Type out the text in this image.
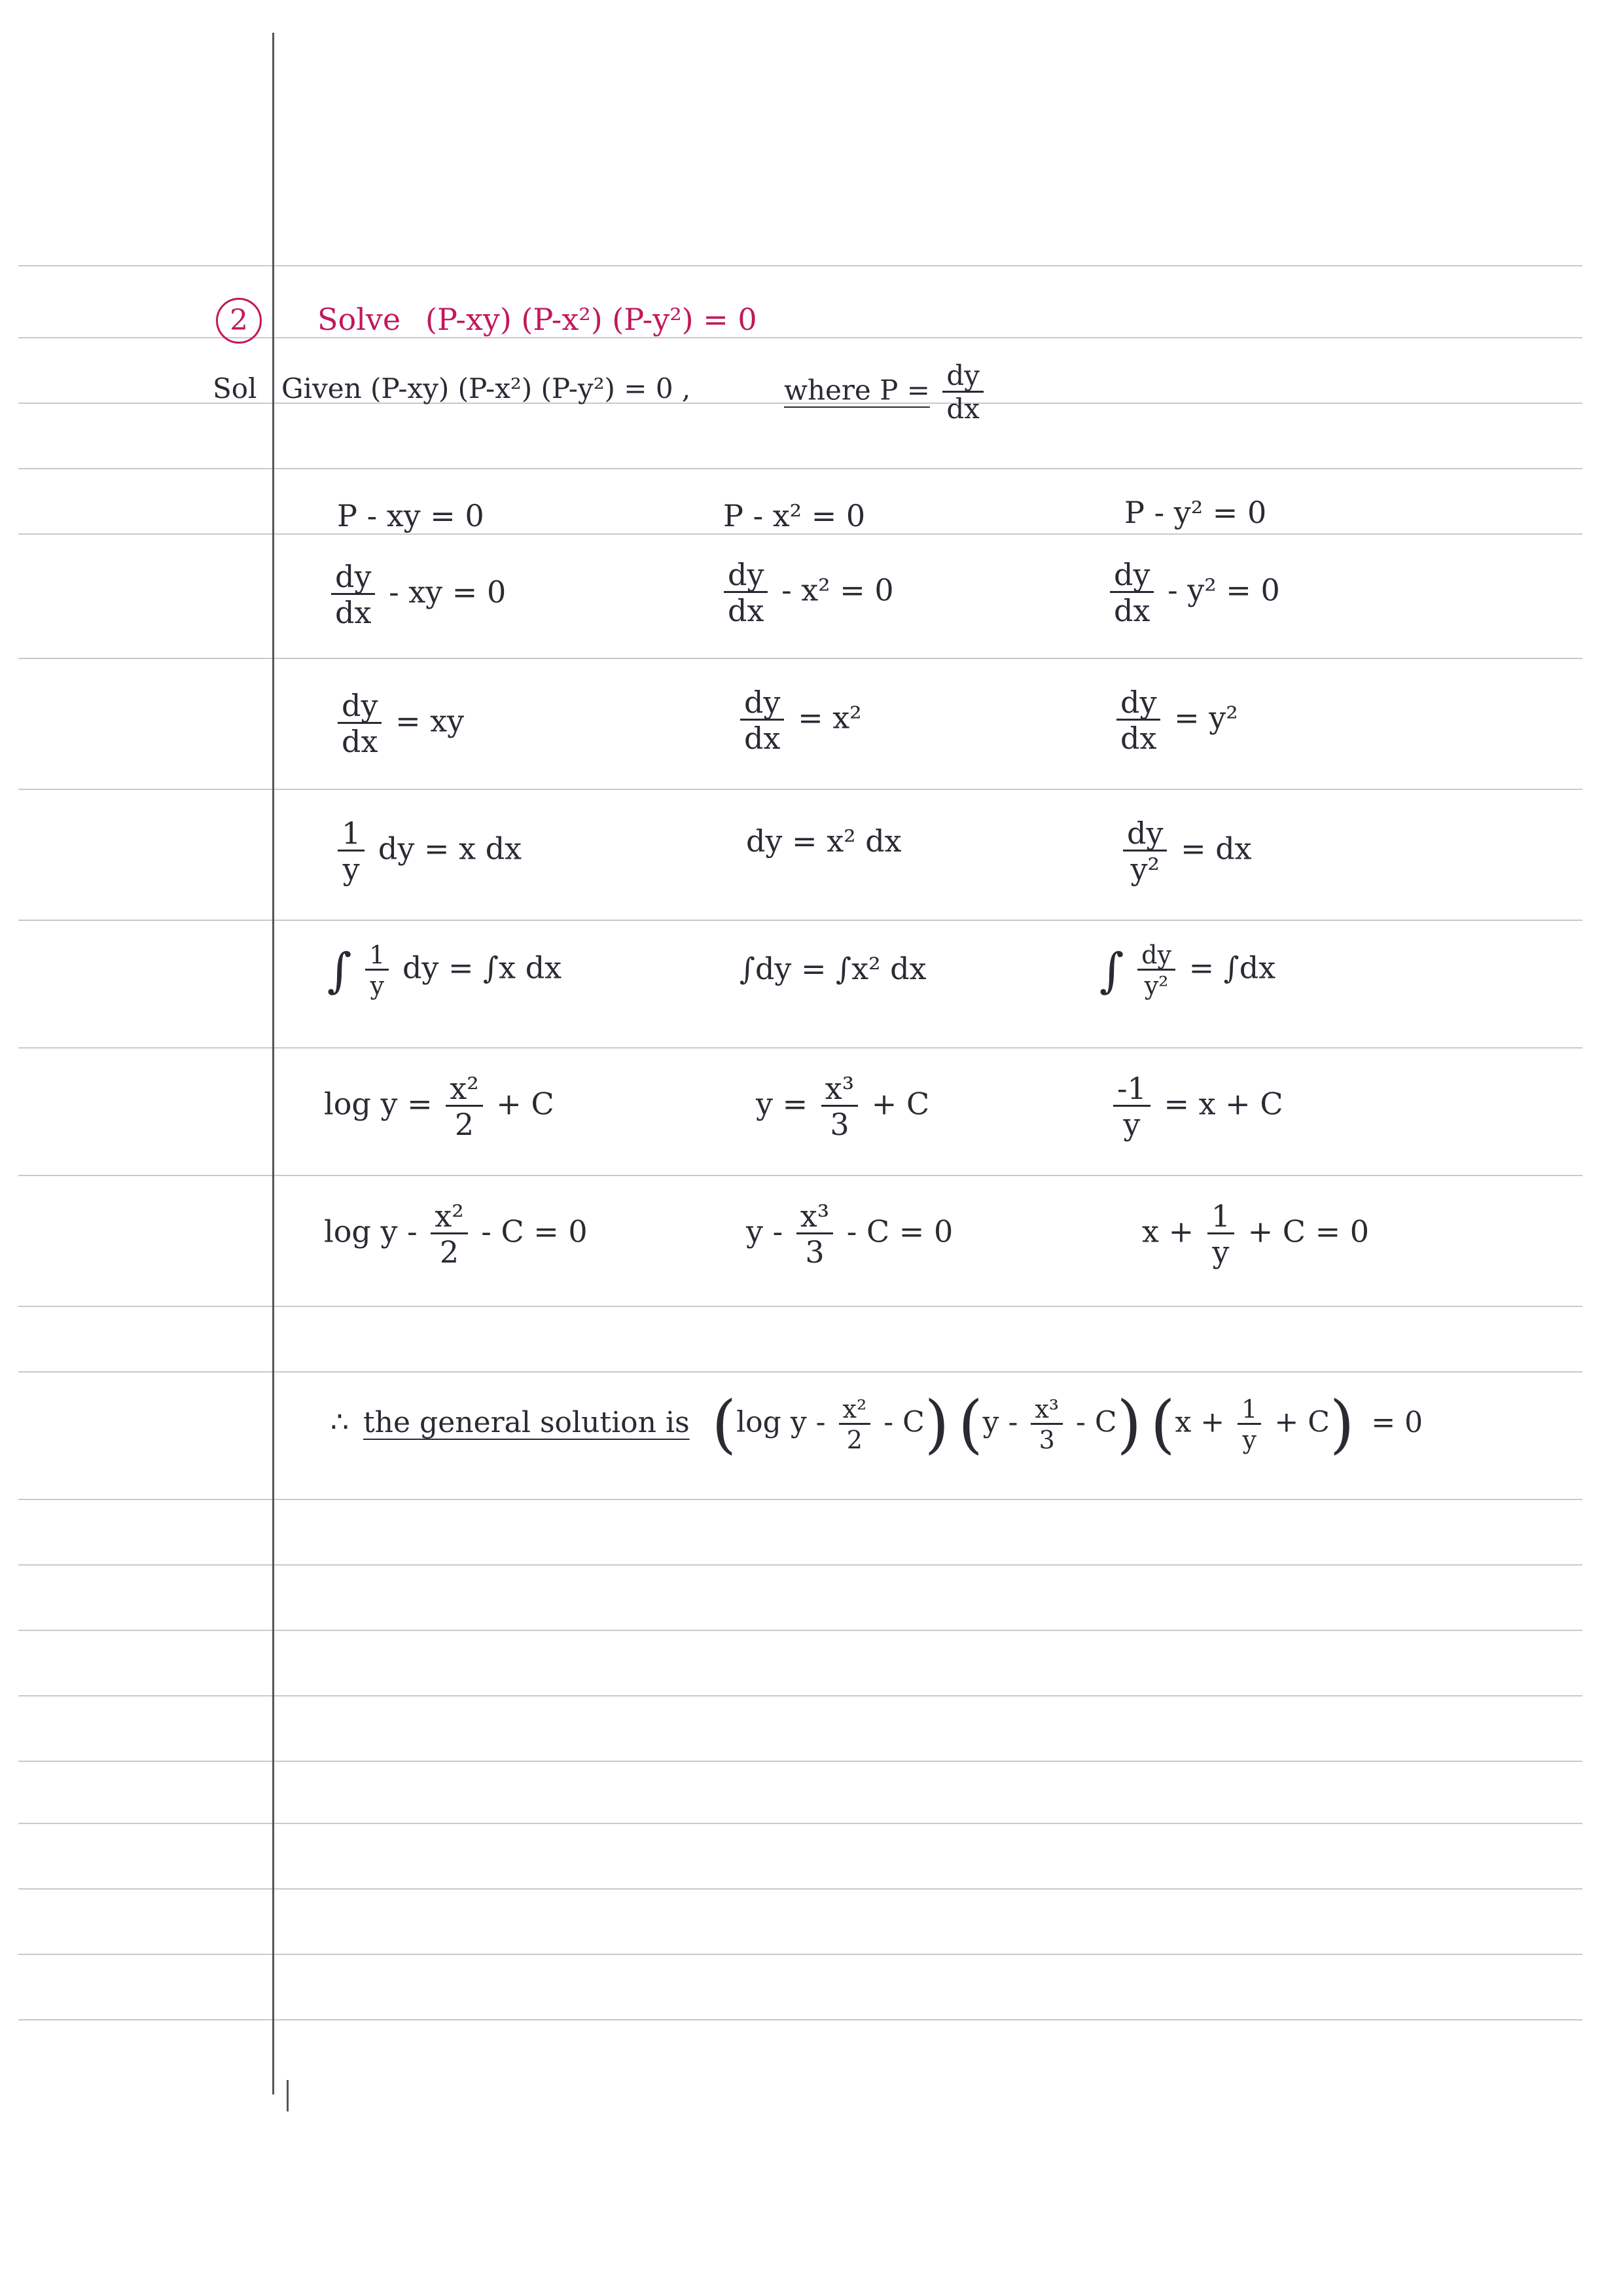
2	Solve (P-xy) (P-x²) (P-y²) = 0
Sol Given (P-xy) (P-x²) (P-y²) = 0 ,	where $P = \frac{dy}{dx}$
P - xy = 0
$\frac{dy}{dx}$ - xy = 0
$\frac{dy}{dx}$ = xy
$\frac{1}{y}$ dy = x dx
∫ $\frac{1}{y}$ dy = ∫x dx
$\log y = \frac{\text{x²}}{2} + C$
$\log y - \frac{\text{x²}}{2} - C = 0$
P - x² = 0
$\frac{dy}{dx} - x^2 = 0$
$\frac{dy}{dx} = x^2$
dy = x² dx
∫dy = ∫x² dx
$y = \frac{\text{x³}}{3} + C$
$y - \frac{\text{x³}}{3} - C = 0$
P - y² = 0
$\frac{dy}{dx} - y^2 = 0$
$\frac{dy}{dx} = y^2$
$\frac{dy}{\text{y²}}$ = dx
∫ $\frac{dy}{\text{y²}} = \int dx$
$\frac{-1}{y} = x + C$
$x + \frac{1}{y} + C = 0$
∴ the general solution is (log y - $\frac{\text{x²}}{2} - C$) $(y - \frac{\text{x³}}{3} - C)$ $(x + \frac{1}{y} + C) = 0$
